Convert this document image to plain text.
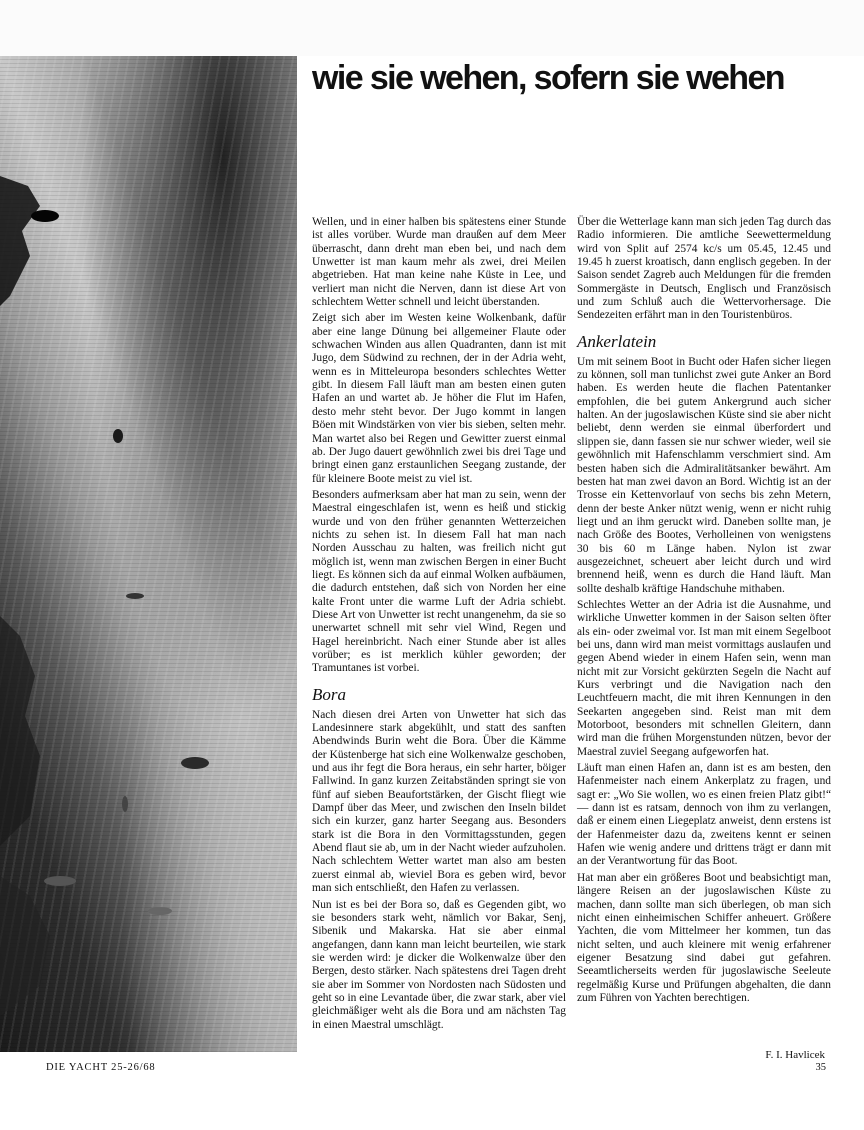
wie sie wehen, sofern sie wehen

Wellen, und in einer halben bis spätestens einer Stunde ist alles vorüber. Wurde man draußen auf dem Meer überrascht, dann dreht man eben bei, und nach dem Unwetter ist man kaum mehr als zwei, drei Meilen abgetrieben. Hat man keine nahe Küste in Lee, und verliert man nicht die Nerven, dann ist diese Art von schlechtem Wetter schnell und leicht überstanden.

Zeigt sich aber im Westen keine Wolkenbank, dafür aber eine lange Dünung bei allgemeiner Flaute oder schwachen Winden aus allen Quadranten, dann ist mit Jugo, dem Südwind zu rechnen, der in der Adria weht, wenn es in Mitteleuropa besonders schlechtes Wetter gibt. In diesem Fall läuft man am besten einen guten Hafen an und wartet ab. Je höher die Flut im Hafen, desto mehr steht bevor. Der Jugo kommt in langen Böen mit Windstärken von vier bis sieben, selten mehr. Man wartet also bei Regen und Gewitter zuerst einmal ab. Der Jugo dauert gewöhnlich zwei bis drei Tage und bringt einen ganz erstaunlichen Seegang zustande, der für kleinere Boote meist zu viel ist.

Besonders aufmerksam aber hat man zu sein, wenn der Maestral eingeschlafen ist, wenn es heiß und stickig wurde und von den früher genannten Wetterzeichen nichts zu sehen ist. In diesem Fall hat man nach Norden Ausschau zu halten, was freilich nicht gut möglich ist, wenn man zwischen Bergen in einer Bucht liegt. Es können sich da auf einmal Wolken aufbäumen, die dadurch entstehen, daß sich von Norden her eine kalte Front unter die warme Luft der Adria schiebt. Diese Art von Unwetter ist recht unangenehm, da sie so unerwartet schnell mit sehr viel Wind, Regen und Hagel hereinbricht. Nach einer Stunde aber ist alles vorüber; es ist merklich kühler geworden; der Tramuntanes ist vorbei.

Bora

Nach diesen drei Arten von Unwetter hat sich das Landesinnere stark abgekühlt, und statt des sanften Abendwinds Burin weht die Bora. Über die Kämme der Küstenberge hat sich eine Wolkenwalze geschoben, und aus ihr fegt die Bora heraus, ein sehr harter, böiger Fallwind. In ganz kurzen Zeitabständen springt sie von fünf auf sieben Beaufortstärken, der Gischt fliegt wie Dampf über das Meer, und zwischen den Inseln bildet sich ein kurzer, ganz harter Seegang aus. Besonders stark ist die Bora in den Vormittagsstunden, gegen Abend flaut sie ab, um in der Nacht wieder aufzuholen. Nach schlechtem Wetter wartet man also am besten zuerst einmal ab, wieviel Bora es geben wird, bevor man sich entschließt, den Hafen zu verlassen.

Nun ist es bei der Bora so, daß es Gegenden gibt, wo sie besonders stark weht, nämlich vor Bakar, Senj, Sibenik und Makarska. Hat sie aber einmal angefangen, dann kann man leicht beurteilen, wie stark sie werden wird: je dicker die Wolkenwalze über den Bergen, desto stärker. Nach spätestens drei Tagen dreht sie aber im Sommer von Nordosten nach Südosten und geht so in eine Levantade über, die zwar stark, aber viel gleichmäßiger weht als die Bora und am nächsten Tag in einen Maestral umschlägt.

Über die Wetterlage kann man sich jeden Tag durch das Radio informieren. Die amtliche Seewettermeldung wird von Split auf 2574 kc/s um 05.45, 12.45 und 19.45 h zuerst kroatisch, dann englisch gegeben. In der Saison sendet Zagreb auch Meldungen für die fremden Sommergäste in Deutsch, Englisch und Französisch und zum Schluß auch die Wettervorhersage. Die Sendezeiten erfährt man in den Touristenbüros.

Ankerlatein

Um mit seinem Boot in Bucht oder Hafen sicher liegen zu können, soll man tunlichst zwei gute Anker an Bord haben. Es werden heute die flachen Patentanker empfohlen, die bei gutem Ankergrund auch sicher halten. An der jugoslawischen Küste sind sie aber nicht beliebt, denn werden sie einmal überfordert und slippen sie, dann fassen sie nur schwer wieder, weil sie gewöhnlich mit Hafenschlamm verschmiert sind. Am besten haben sich die Admiralitätsanker bewährt. Am besten hat man zwei davon an Bord. Wichtig ist an der Trosse ein Kettenvorlauf von sechs bis zehn Metern, denn der beste Anker nützt wenig, wenn er nicht ruhig liegt und an ihm geruckt wird. Daneben sollte man, je nach Größe des Bootes, Verholleinen von wenigstens 30 bis 60 m Länge haben. Nylon ist zwar ausgezeichnet, scheuert aber leicht durch und wird brennend heiß, wenn es durch die Hand läuft. Man sollte deshalb kräftige Handschuhe mithaben.

Schlechtes Wetter an der Adria ist die Ausnahme, und wirkliche Unwetter kommen in der Saison selten öfter als ein- oder zweimal vor. Ist man mit einem Segelboot bei uns, dann wird man meist vormittags auslaufen und gegen Abend wieder in einem Hafen sein, wenn man nicht mit zur Vorsicht gekürzten Segeln die Nacht auf Kurs verbringt und die Navigation nach den Leuchtfeuern macht, die mit ihren Kennungen in den Seekarten angegeben sind. Reist man mit dem Motorboot, besonders mit schnellen Gleitern, dann wird man die frühen Morgenstunden nützen, bevor der Maestral zuviel Seegang aufgeworfen hat.

Läuft man einen Hafen an, dann ist es am besten, den Hafenmeister nach einem Ankerplatz zu fragen, und sagt er: „Wo Sie wollen, wo es einen freien Platz gibt!“ — dann ist es ratsam, dennoch von ihm zu verlangen, daß er einem einen Liegeplatz anweist, denn erstens ist der Hafenmeister dazu da, zweitens kennt er seinen Hafen wie wenig andere und drittens trägt er dann mit an der Verantwortung für das Boot.

Hat man aber ein größeres Boot und beabsichtigt man, längere Reisen an der jugoslawischen Küste zu machen, dann sollte man sich überlegen, ob man sich nicht einen einheimischen Schiffer anheuert. Größere Yachten, die vom Mittelmeer her kommen, tun das nicht selten, und auch kleinere mit wenig erfahrener eigener Besatzung sind dabei gut gefahren. Seeamtlicherseits werden für jugoslawische Seeleute regelmäßig Kurse und Prüfungen abgehalten, die dann zum Führen von Yachten berechtigen.

F. I. Havlicek
DIE YACHT 25-26/68	35
